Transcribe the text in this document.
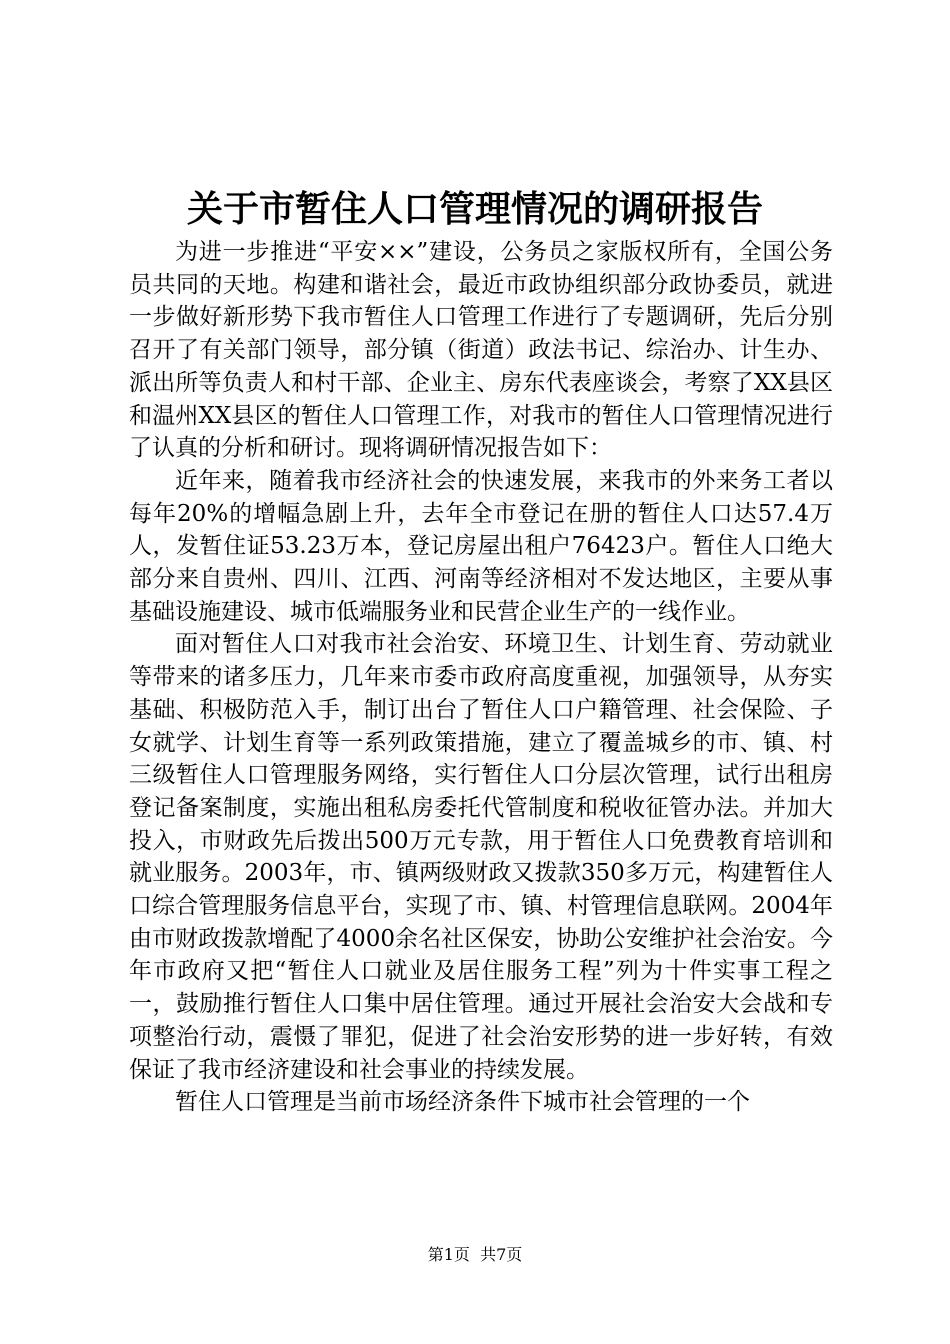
关于市暂住人口管理情况的调研报告

为进一步推进“平安××”建设，公务员之家版权所有，全国公务员共同的天地。构建和谐社会，最近市政协组织部分政协委员，就进一步做好新形势下我市暂住人口管理工作进行了专题调研，先后分别召开了有关部门领导，部分镇（街道）政法书记、综治办、计生办、派出所等负责人和村干部、企业主、房东代表座谈会，考察了XX县区和温州XX县区的暂住人口管理工作，对我市的暂住人口管理情况进行了认真的分析和研讨。现将调研情况报告如下：

近年来，随着我市经济社会的快速发展，来我市的外来务工者以每年20%的增幅急剧上升，去年全市登记在册的暂住人口达57.4万人，发暂住证53.23万本，登记房屋出租户76423户。暂住人口绝大部分来自贵州、四川、江西、河南等经济相对不发达地区，主要从事基础设施建设、城市低端服务业和民营企业生产的一线作业。

面对暂住人口对我市社会治安、环境卫生、计划生育、劳动就业等带来的诸多压力，几年来市委市政府高度重视，加强领导，从夯实基础、积极防范入手，制订出台了暂住人口户籍管理、社会保险、子女就学、计划生育等一系列政策措施，建立了覆盖城乡的市、镇、村三级暂住人口管理服务网络，实行暂住人口分层次管理，试行出租房登记备案制度，实施出租私房委托代管制度和税收征管办法。并加大投入，市财政先后拨出500万元专款，用于暂住人口免费教育培训和就业服务。2003年，市、镇两级财政又拨款350多万元，构建暂住人口综合管理服务信息平台，实现了市、镇、村管理信息联网。2004年由市财政拨款增配了4000余名社区保安，协助公安维护社会治安。今年市政府又把“暂住人口就业及居住服务工程”列为十件实事工程之一，鼓励推行暂住人口集中居住管理。通过开展社会治安大会战和专项整治行动，震慑了罪犯，促进了社会治安形势的进一步好转，有效保证了我市经济建设和社会事业的持续发展。

暂住人口管理是当前市场经济条件下城市社会管理的一个

第1页 共7页
